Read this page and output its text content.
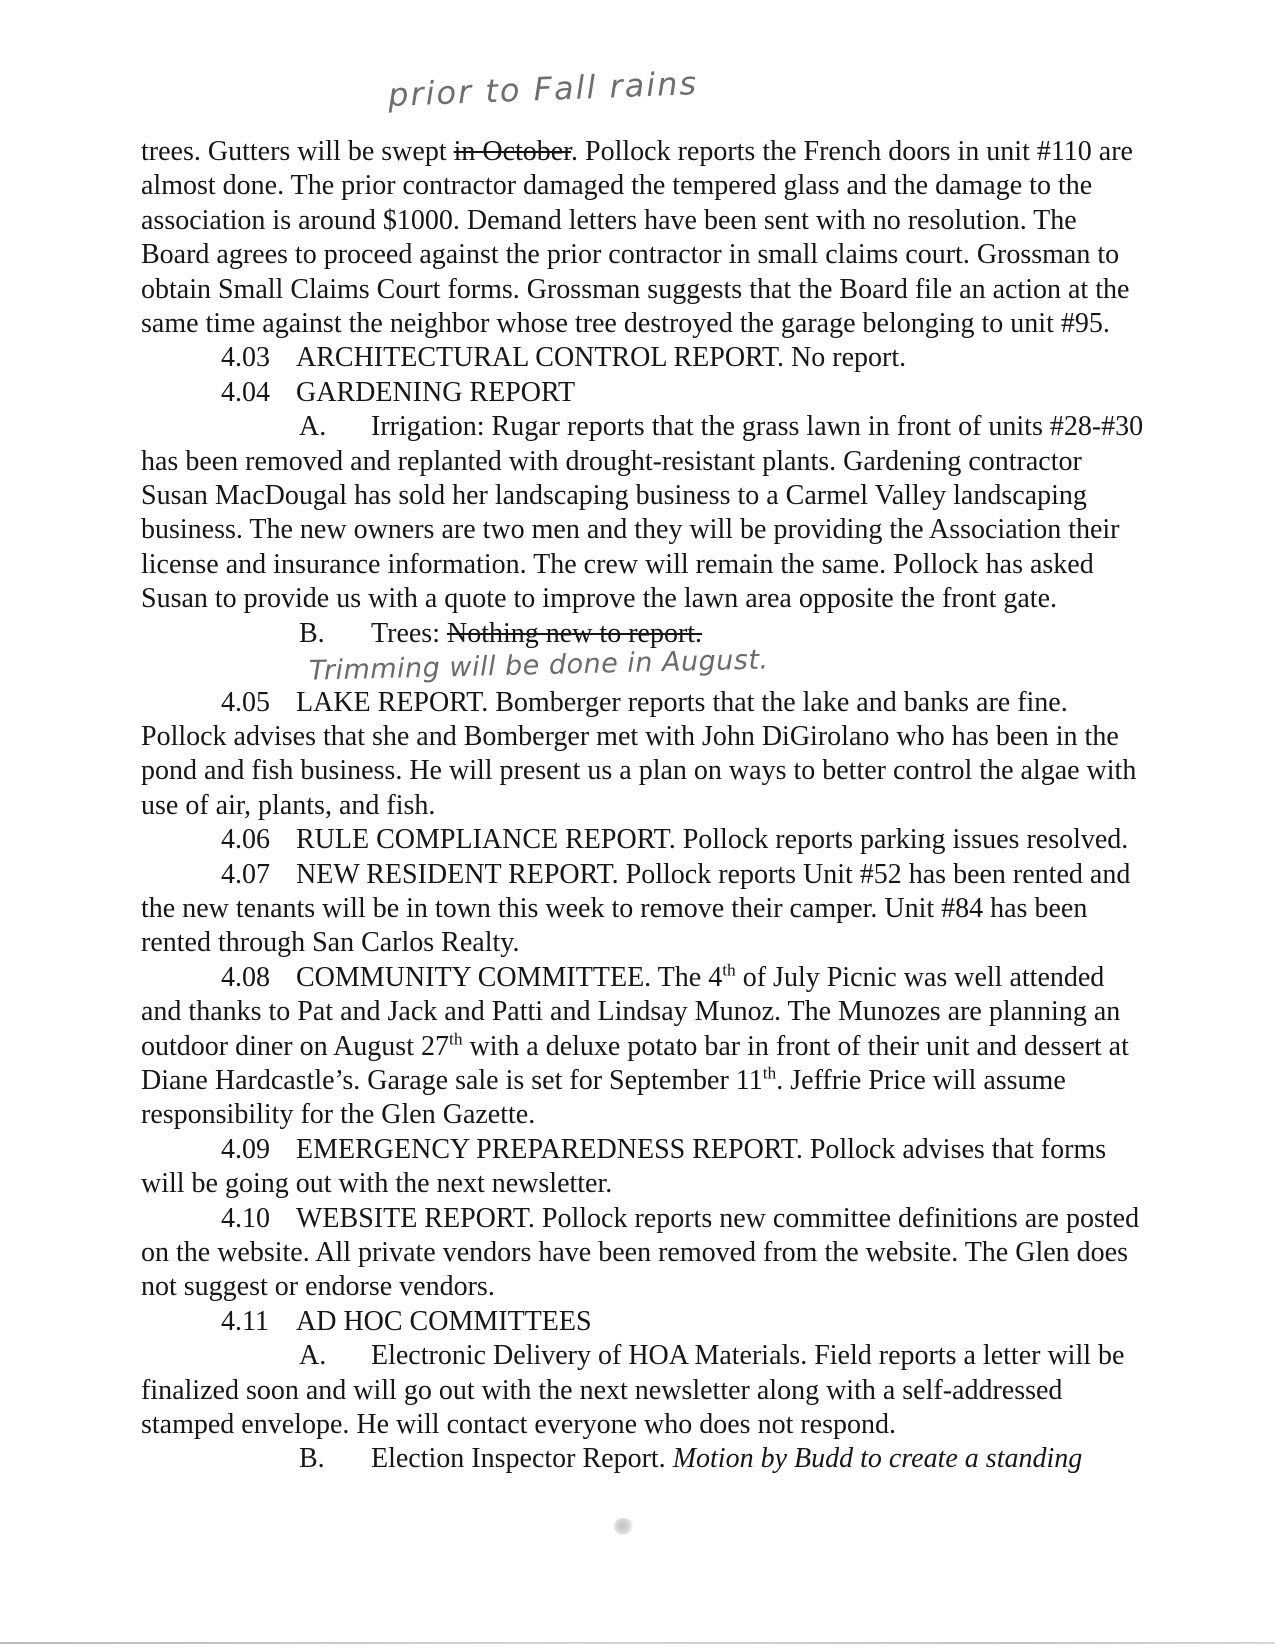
prior to Fall rains

trees. Gutters will be swept in October. Pollock reports the French doors in unit #110 are almost done. The prior contractor damaged the tempered glass and the damage to the association is around $1000. Demand letters have been sent with no resolution. The Board agrees to proceed against the prior contractor in small claims court. Grossman to obtain Small Claims Court forms. Grossman suggests that the Board file an action at the same time against the neighbor whose tree destroyed the garage belonging to unit #95.

4.03 ARCHITECTURAL CONTROL REPORT. No report.

4.04 GARDENING REPORT

A. Irrigation: Rugar reports that the grass lawn in front of units #28-#30 has been removed and replanted with drought-resistant plants. Gardening contractor Susan MacDougal has sold her landscaping business to a Carmel Valley landscaping business. The new owners are two men and they will be providing the Association their license and insurance information. The crew will remain the same. Pollock has asked Susan to provide us with a quote to improve the lawn area opposite the front gate.

B. Trees: Nothing new to report.Trimming will be done in August.

4.05 LAKE REPORT. Bomberger reports that the lake and banks are fine. Pollock advises that she and Bomberger met with John DiGirolano who has been in the pond and fish business. He will present us a plan on ways to better control the algae with use of air, plants, and fish.

4.06 RULE COMPLIANCE REPORT. Pollock reports parking issues resolved.

4.07 NEW RESIDENT REPORT. Pollock reports Unit #52 has been rented and the new tenants will be in town this week to remove their camper. Unit #84 has been rented through San Carlos Realty.

4.08 COMMUNITY COMMITTEE. The 4th of July Picnic was well attended and thanks to Pat and Jack and Patti and Lindsay Munoz. The Munozes are planning an outdoor diner on August 27th with a deluxe potato bar in front of their unit and dessert at Diane Hardcastle’s. Garage sale is set for September 11th. Jeffrie Price will assume responsibility for the Glen Gazette.

4.09 EMERGENCY PREPAREDNESS REPORT. Pollock advises that forms will be going out with the next newsletter.

4.10 WEBSITE REPORT. Pollock reports new committee definitions are posted on the website. All private vendors have been removed from the website. The Glen does not suggest or endorse vendors.

4.11 AD HOC COMMITTEES

A. Electronic Delivery of HOA Materials. Field reports a letter will be finalized soon and will go out with the next newsletter along with a self-addressed stamped envelope. He will contact everyone who does not respond.

B. Election Inspector Report. Motion by Budd to create a standing
